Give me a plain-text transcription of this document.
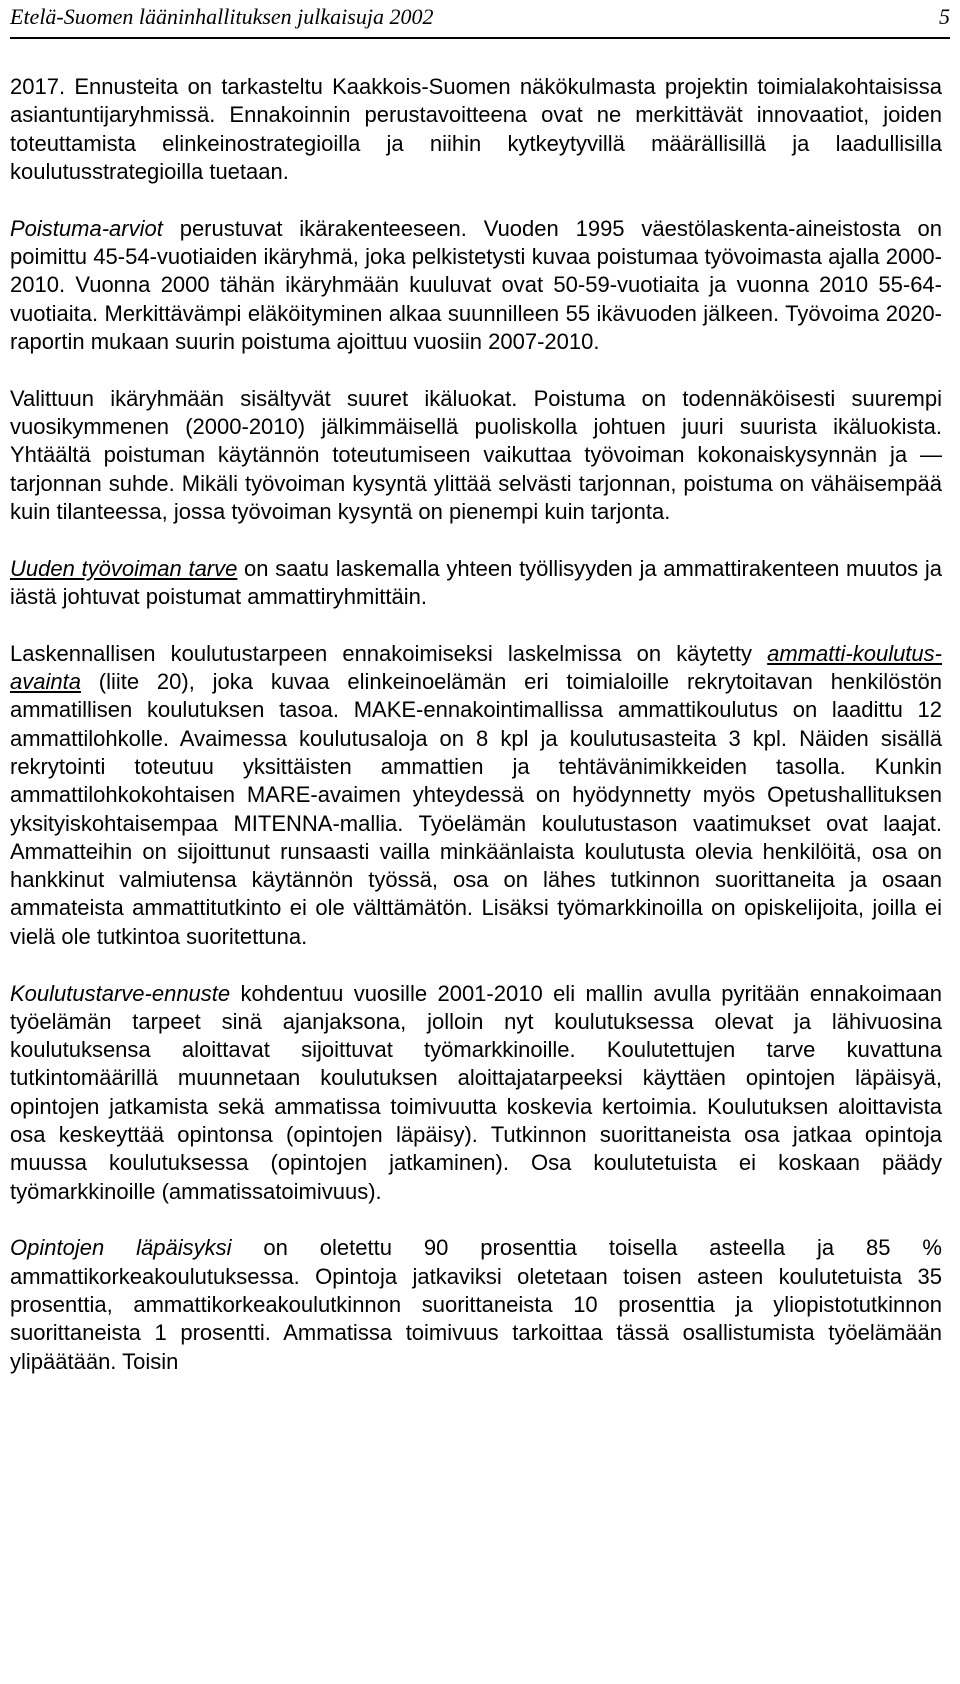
Etelä-Suomen lääninhallituksen julkaisuja 2002	5

2017. Ennusteita on tarkasteltu Kaakkois-Suomen näkökulmasta projektin toimialakohtaisissa asiantuntijaryhmissä. Ennakoinnin perustavoitteena ovat ne merkittävät innovaatiot, joiden toteuttamista elinkeinostrategioilla ja niihin kytkeytyvillä määrällisillä ja laadullisilla koulutusstrategioilla tuetaan.

Poistuma-arviot perustuvat ikärakenteeseen. Vuoden 1995 väestölaskenta-aineistosta on poimittu 45-54-vuotiaiden ikäryhmä, joka pelkistetysti kuvaa poistumaa työvoimasta ajalla 2000-2010. Vuonna 2000 tähän ikäryhmään kuuluvat ovat 50-59-vuotiaita ja vuonna 2010 55-64-vuotiaita. Merkittävämpi eläköityminen alkaa suunnilleen 55 ikävuoden jälkeen. Työvoima 2020-raportin mukaan suurin poistuma ajoittuu vuosiin 2007-2010.

Valittuun ikäryhmään sisältyvät suuret ikäluokat. Poistuma on todennäköisesti suurempi vuosikymmenen (2000-2010) jälkimmäisellä puoliskolla johtuen juuri suurista ikäluokista. Yhtäältä poistuman käytännön toteutumiseen vaikuttaa työvoiman kokonaiskysynnän ja —tarjonnan suhde. Mikäli työvoiman kysyntä ylittää selvästi tarjonnan, poistuma on vähäisempää kuin tilanteessa, jossa työvoiman kysyntä on pienempi kuin tarjonta.

Uuden työvoiman tarve on saatu laskemalla yhteen työllisyyden ja ammattirakenteen muutos ja iästä johtuvat poistumat ammattiryhmittäin.

Laskennallisen koulutustarpeen ennakoimiseksi laskelmissa on käytetty ammatti-koulutus-avainta (liite 20), joka kuvaa elinkeinoelämän eri toimialoille rekrytoitavan henkilöstön ammatillisen koulutuksen tasoa. MAKE-ennakointimallissa ammattikoulutus on laadittu 12 ammattilohkolle. Avaimessa koulutusaloja on 8 kpl ja koulutusasteita 3 kpl. Näiden sisällä rekrytointi toteutuu yksittäisten ammattien ja tehtävänimikkeiden tasolla. Kunkin ammattilohkokohtaisen MARE-avaimen yhteydessä on hyödynnetty myös Opetushallituksen yksityiskohtaisempaa MITENNA-mallia. Työelämän koulutustason vaatimukset ovat laajat. Ammatteihin on sijoittunut runsaasti vailla minkäänlaista koulutusta olevia henkilöitä, osa on hankkinut valmiutensa käytännön työssä, osa on lähes tutkinnon suorittaneita ja osaan ammateista ammattitutkinto ei ole välttämätön. Lisäksi työmarkkinoilla on opiskelijoita, joilla ei vielä ole tutkintoa suoritettuna.

Koulutustarve-ennuste kohdentuu vuosille 2001-2010 eli mallin avulla pyritään ennakoimaan työelämän tarpeet sinä ajanjaksona, jolloin nyt koulutuksessa olevat ja lähivuosina koulutuksensa aloittavat sijoittuvat työmarkkinoille. Koulutettujen tarve kuvattuna tutkintomäärillä muunnetaan koulutuksen aloittajatarpeeksi käyttäen opintojen läpäisyä, opintojen jatkamista sekä ammatissa toimivuutta koskevia kertoimia. Koulutuksen aloittavista osa keskeyttää opintonsa (opintojen läpäisy). Tutkinnon suorittaneista osa jatkaa opintoja muussa koulutuksessa (opintojen jatkaminen). Osa koulutetuista ei koskaan päädy työmarkkinoille (ammatissatoimivuus).

Opintojen läpäisyksi on oletettu 90 prosenttia toisella asteella ja 85 % ammattikorkeakoulutuksessa. Opintoja jatkaviksi oletetaan toisen asteen koulutetuista 35 prosenttia, ammattikorkeakoulutkinnon suorittaneista 10 prosenttia ja yliopistotutkinnon suorittaneista 1 prosentti. Ammatissa toimivuus tarkoittaa tässä osallistumista työelämään ylipäätään. Toisin
